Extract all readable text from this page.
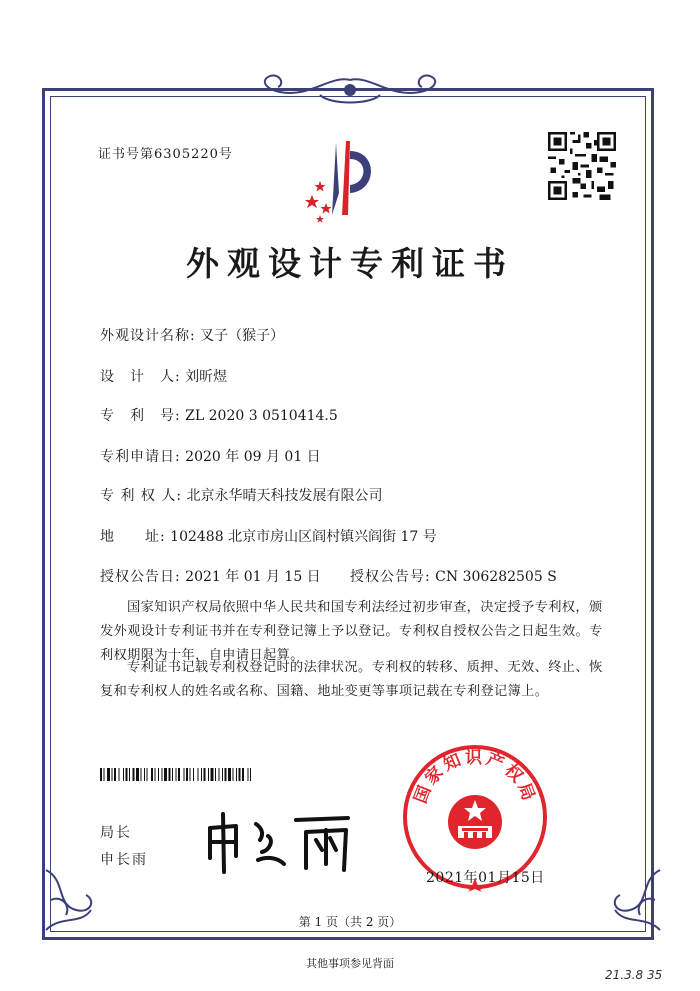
证书号第6305220号
外观设计专利证书
外观设计名称: 叉子（猴子）
设　计　人: 刘昕煜
专　利　号: ZL 2020 3 0510414.5
专利申请日: 2020 年 09 月 01 日
专 利 权 人: 北京永华晴天科技发展有限公司
地　　址: 102488 北京市房山区阎村镇兴阎街 17 号
授权公告日: 2021 年 01 月 15 日 授权公告号: CN 306282505 S
国家知识产权局依照中华人民共和国专利法经过初步审查，决定授予专利权，颁发外观设计专利证书并在专利登记簿上予以登记。专利权自授权公告之日起生效。专利权期限为十年，自申请日起算。
专利证书记载专利权登记时的法律状况。专利权的转移、质押、无效、终止、恢复和专利权人的姓名或名称、国籍、地址变更等事项记载在专利登记簿上。
局长
申长雨
国家知识产权局
2021年01月15日
第 1 页（共 2 页）
其他事项参见背面
21.3.8 35
